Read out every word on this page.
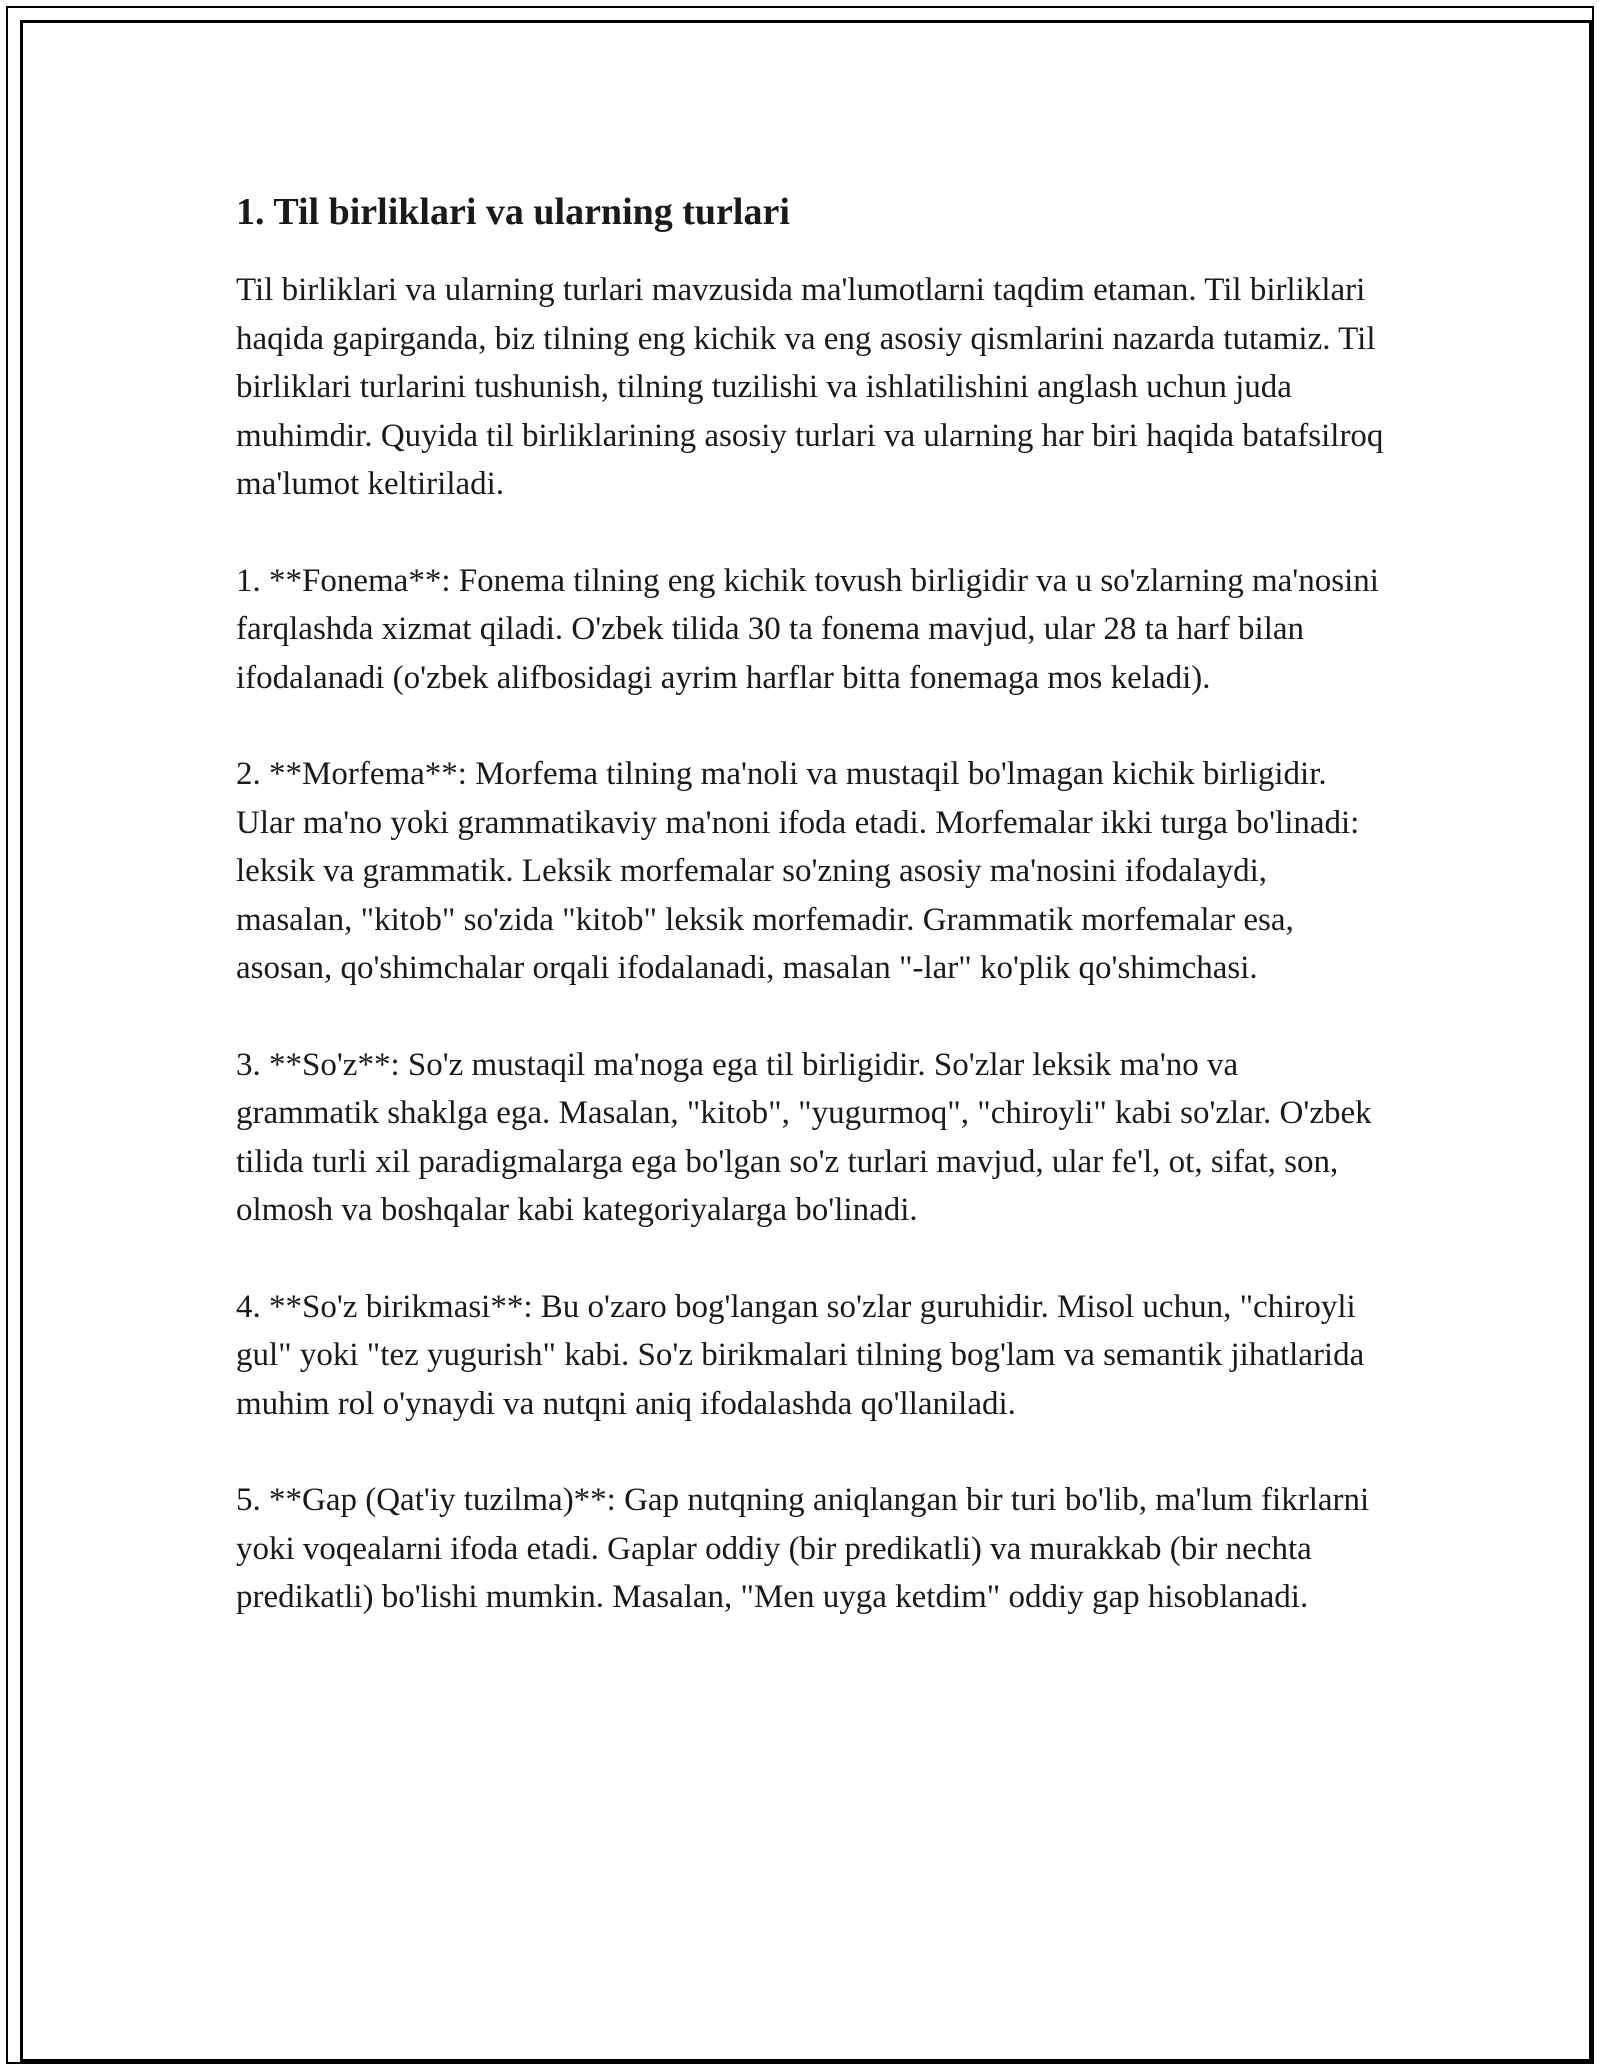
1. Til birliklari va ularning turlari

Til birliklari va ularning turlari mavzusida ma'lumotlarni taqdim etaman. Til birliklari haqida gapirganda, biz tilning eng kichik va eng asosiy qismlarini nazarda tutamiz. Til birliklari turlarini tushunish, tilning tuzilishi va ishlatilishini anglash uchun juda muhimdir. Quyida til birliklarining asosiy turlari va ularning har biri haqida batafsilroq ma'lumot keltiriladi.

1. **Fonema**: Fonema tilning eng kichik tovush birligidir va u so'zlarning ma'nosini farqlashda xizmat qiladi. O'zbek tilida 30 ta fonema mavjud, ular 28 ta harf bilan ifodalanadi (o'zbek alifbosidagi ayrim harflar bitta fonemaga mos keladi).

2. **Morfema**: Morfema tilning ma'noli va mustaqil bo'lmagan kichik birligidir. Ular ma'no yoki grammatikaviy ma'noni ifoda etadi. Morfemalar ikki turga bo'linadi: leksik va grammatik. Leksik morfemalar so'zning asosiy ma'nosini ifodalaydi, masalan, "kitob" so'zida "kitob" leksik morfemadir. Grammatik morfemalar esa, asosan, qo'shimchalar orqali ifodalanadi, masalan "-lar" ko'plik qo'shimchasi.

3. **So'z**: So'z mustaqil ma'noga ega til birligidir. So'zlar leksik ma'no va grammatik shaklga ega. Masalan, "kitob", "yugurmoq", "chiroyli" kabi so'zlar. O'zbek tilida turli xil paradigmalarga ega bo'lgan so'z turlari mavjud, ular fe'l, ot, sifat, son, olmosh va boshqalar kabi kategoriyalarga bo'linadi.

4. **So'z birikmasi**: Bu o'zaro bog'langan so'zlar guruhidir. Misol uchun, "chiroyli gul" yoki "tez yugurish" kabi. So'z birikmalari tilning bog'lam va semantik jihatlarida muhim rol o'ynaydi va nutqni aniq ifodalashda qo'llaniladi.

5. **Gap (Qat'iy tuzilma)**: Gap nutqning aniqlangan bir turi bo'lib, ma'lum fikrlarni yoki voqealarni ifoda etadi. Gaplar oddiy (bir predikatli) va murakkab (bir nechta predikatli) bo'lishi mumkin. Masalan, "Men uyga ketdim" oddiy gap hisoblanadi.
